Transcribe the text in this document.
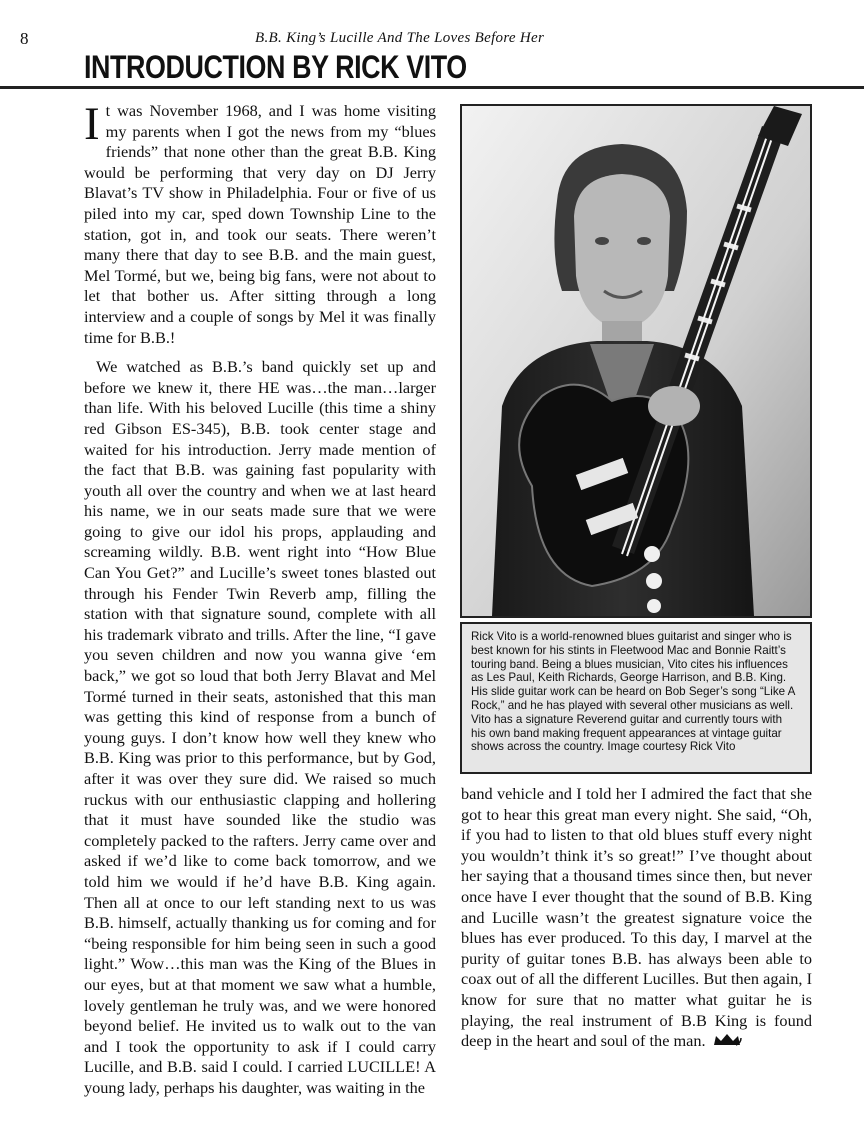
8	B.B. King’s Lucille And The Loves Before Her
INTRODUCTION BY RICK VITO

It was November 1968, and I was home visiting my parents when I got the news from my “blues friends” that none other than the great B.B. King would be performing that very day on DJ Jerry Blavat’s TV show in Philadelphia. Four or five of us piled into my car, sped down Township Line to the station, got in, and took our seats. There weren’t many there that day to see B.B. and the main guest, Mel Tormé, but we, being big fans, were not about to let that bother us. After sitting through a long interview and a couple of songs by Mel it was finally time for B.B.!

We watched as B.B.’s band quickly set up and before we knew it, there HE was…the man…larger than life. With his beloved Lucille (this time a shiny red Gibson ES-345), B.B. took center stage and waited for his introduction. Jerry made mention of the fact that B.B. was gaining fast popularity with youth all over the country and when we at last heard his name, we in our seats made sure that we were going to give our idol his props, applauding and screaming wildly. B.B. went right into “How Blue Can You Get?” and Lucille’s sweet tones blasted out through his Fender Twin Reverb amp, filling the station with that signature sound, complete with all his trademark vibrato and trills. After the line, “I gave you seven children and now you wanna give ‘em back,” we got so loud that both Jerry Blavat and Mel Tormé turned in their seats, astonished that this man was getting this kind of response from a bunch of young guys. I don’t know how well they knew who B.B. King was prior to this performance, but by God, after it was over they sure did. We raised so much ruckus with our enthusiastic clapping and hollering that it must have sounded like the studio was completely packed to the rafters. Jerry came over and asked if we’d like to come back tomorrow, and we told him we would if he’d have B.B. King again. Then all at once to our left standing next to us was B.B. himself, actually thanking us for coming and for “being responsible for him being seen in such a good light.” Wow…this man was the King of the Blues in our eyes, but at that moment we saw what a humble, lovely gentleman he truly was, and we were honored beyond belief. He invited us to walk out to the van and I took the opportunity to ask if I could carry Lucille, and B.B. said I could. I carried LUCILLE! A young lady, perhaps his daughter, was waiting in the

Rick Vito is a world-renowned blues guitarist and singer who is best known for his stints in Fleetwood Mac and Bonnie Raitt’s touring band. Being a blues musician, Vito cites his influences as Les Paul, Keith Richards, George Harrison, and B.B. King. His slide guitar work can be heard on Bob Seger’s song “Like A Rock,” and he has played with several other musicians as well. Vito has a signature Reverend guitar and currently tours with his own band making frequent appearances at vintage guitar shows across the country. Image courtesy Rick Vito

band vehicle and I told her I admired the fact that she got to hear this great man every night. She said, “Oh, if you had to listen to that old blues stuff every night you wouldn’t think it’s so great!” I’ve thought about her saying that a thousand times since then, but never once have I ever thought that the sound of B.B. King and Lucille wasn’t the greatest signature voice the blues has ever produced. To this day, I marvel at the purity of guitar tones B.B. has always been able to coax out of all the different Lucilles. But then again, I know for sure that no matter what guitar he is playing, the real instrument of B.B King is found deep in the heart and soul of the man.
